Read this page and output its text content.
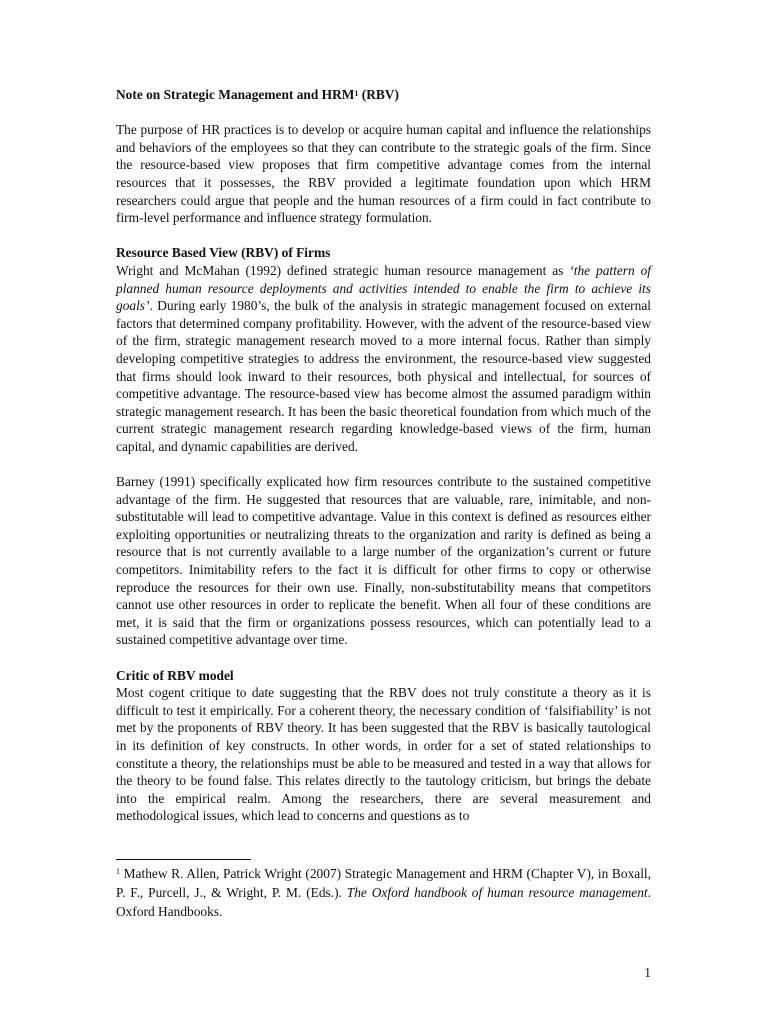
Note on Strategic Management and HRM$^1$ (RBV)

The purpose of HR practices is to develop or acquire human capital and influence the relationships and behaviors of the employees so that they can contribute to the strategic goals of the firm. Since the resource-based view proposes that firm competitive advantage comes from the internal resources that it possesses, the RBV provided a legitimate foundation upon which HRM researchers could argue that people and the human resources of a firm could in fact contribute to firm-level performance and influence strategy formulation.

Resource Based View (RBV) of Firms

Wright and McMahan (1992) defined strategic human resource management as ‘the pattern of planned human resource deployments and activities intended to enable the firm to achieve its goals’. During early 1980’s, the bulk of the analysis in strategic management focused on external factors that determined company profitability. However, with the advent of the resource-based view of the firm, strategic management research moved to a more internal focus. Rather than simply developing competitive strategies to address the environment, the resource-based view suggested that firms should look inward to their resources, both physical and intellectual, for sources of competitive advantage. The resource-based view has become almost the assumed paradigm within strategic management research. It has been the basic theoretical foundation from which much of the current strategic management research regarding knowledge-based views of the firm, human capital, and dynamic capabilities are derived.

Barney (1991) specifically explicated how firm resources contribute to the sustained competitive advantage of the firm. He suggested that resources that are valuable, rare, inimitable, and non- substitutable will lead to competitive advantage. Value in this context is defined as resources either exploiting opportunities or neutralizing threats to the organization and rarity is defined as being a resource that is not currently available to a large number of the organization’s current or future competitors. Inimitability refers to the fact it is difficult for other firms to copy or otherwise reproduce the resources for their own use. Finally, non-substitutability means that competitors cannot use other resources in order to replicate the benefit. When all four of these conditions are met, it is said that the firm or organizations possess resources, which can potentially lead to a sustained competitive advantage over time.

Critic of RBV model

Most cogent critique to date suggesting that the RBV does not truly constitute a theory as it is difficult to test it empirically. For a coherent theory, the necessary condition of ‘falsifiability’ is not met by the proponents of RBV theory. It has been suggested that the RBV is basically tautological in its definition of key constructs. In other words, in order for a set of stated relationships to constitute a theory, the relationships must be able to be measured and tested in a way that allows for the theory to be found false. This relates directly to the tautology criticism, but brings the debate into the empirical realm. Among the researchers, there are several measurement and methodological issues, which lead to concerns and questions as to

$^1$ Mathew R. Allen, Patrick Wright (2007) Strategic Management and HRM (Chapter V), in Boxall, P. F., Purcell, J., & Wright, P. M. (Eds.). The Oxford handbook of human resource management. Oxford Handbooks.
1
